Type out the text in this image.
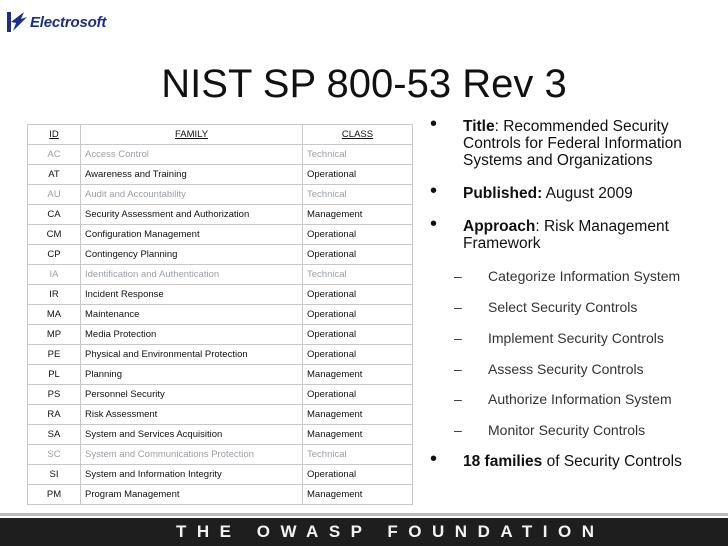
Electrosoft
NIST SP 800-53 Rev 3
ID	FAMILY	CLASS
AC	Access Control	Technical
AT	Awareness and Training	Operational
AU	Audit and Accountability	Technical
CA	Security Assessment and Authorization	Management
CM	Configuration Management	Operational
CP	Contingency Planning	Operational
IA	Identification and Authentication	Technical
IR	Incident Response	Operational
MA	Maintenance	Operational
MP	Media Protection	Operational
PE	Physical and Environmental Protection	Operational
PL	Planning	Management
PS	Personnel Security	Operational
RA	Risk Assessment	Management
SA	System and Services Acquisition	Management
SC	System and Communications Protection	Technical
SI	System and Information Integrity	Operational
PM	Program Management	Management
• Title: Recommended Security Controls for Federal Information Systems and Organizations
• Published: August 2009
• Approach: Risk Management Framework
– Categorize Information System
– Select Security Controls
– Implement Security Controls
– Assess Security Controls
– Authorize Information System
– Monitor Security Controls
• 18 families of Security Controls
THE OWASP FOUNDATION
